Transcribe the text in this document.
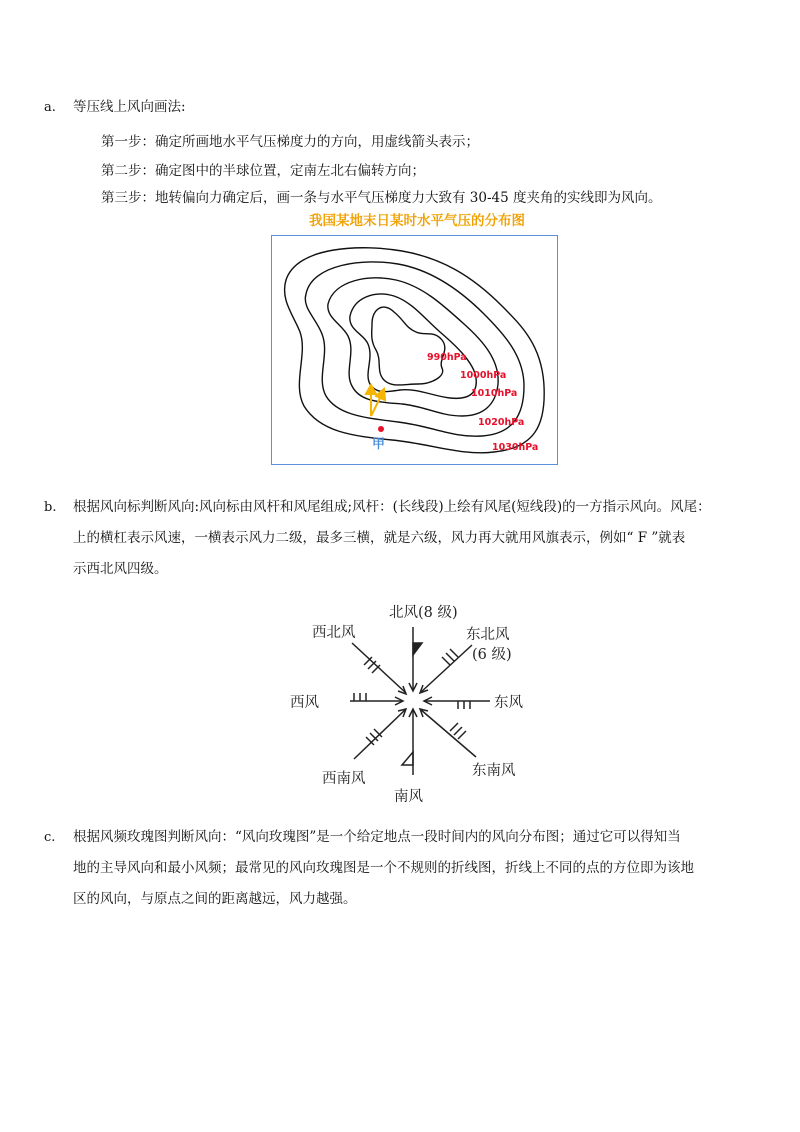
a. 等压线上风向画法:
第一步：确定所画地水平气压梯度力的方向，用虚线箭头表示；
第二步：确定图中的半球位置，定南左北右偏转方向；
第三步：地转偏向力确定后，画一条与水平气压梯度力大致有 30-45 度夹角的实线即为风向。
我国某地末日某时水平气压的分布图
990hPa
1000hPa
1010hPa
1020hPa
1030hPa
甲
b. 根据风向标判断风向:风向标由风杆和风尾组成;风杆：(长线段)上绘有风尾(短线段)的一方指示风向。风尾：
上的横杠表示风速，一横表示风力二级，最多三横，就是六级，风力再大就用风旗表示，例如“ F ”就表
示西北风四级。
北风(8 级)
东北风
(6 级)
西北风
西风	东风
西南风	东南风
南风
c. 根据风频玫瑰图判断风向：“风向玫瑰图”是一个给定地点一段时间内的风向分布图；通过它可以得知当
地的主导风向和最小风频；最常见的风向玫瑰图是一个不规则的折线图，折线上不同的点的方位即为该地
区的风向，与原点之间的距离越远，风力越强。
